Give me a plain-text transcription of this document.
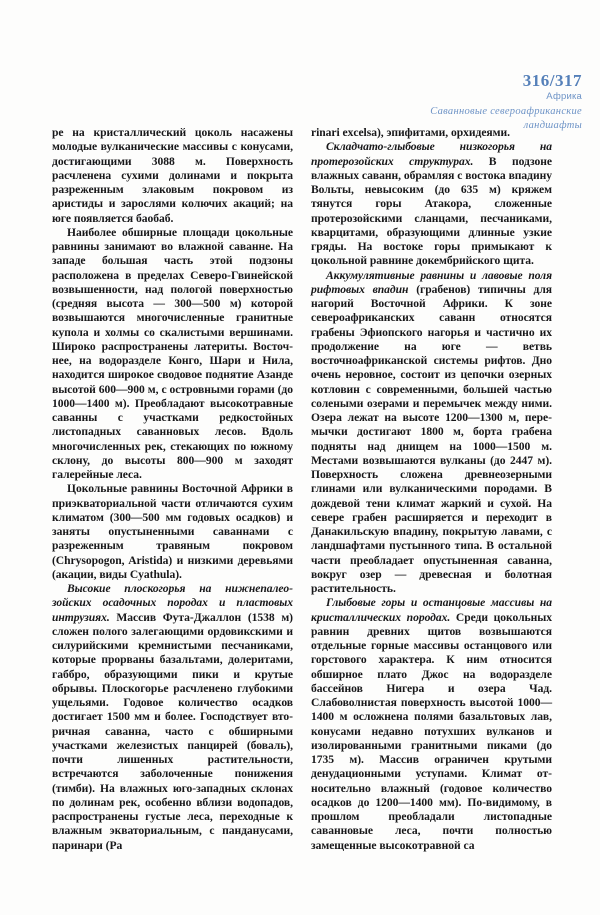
316/317
Африка
Саванновые североафриканские
ландшафты

ре на кристаллический цоколь насажены молодые вулканические массивы с конусами, достигающими 3088 м. Поверхность расчленена сухими долинами и покрыта разреженным злаковым покровом из аристиды и зарослями колючих акаций; на юге появляется баобаб.

Наиболее обширные площади цокольные равнины занимают во влажной саванне. На западе большая часть этой подзоны расположена в пределах Северо-Гвинейской возвышенности, над пологой поверхностью (средняя высота — 300—500 м) которой возвышаются многочисленные гранитные купола и холмы со скалистыми вершинами. Широко распространены латериты. Восточнее, на водоразделе Конго, Шари и Нила, находится широкое сводовое поднятие Азанде высотой 600—900 м, с островными горами (до 1000—1400 м). Преобладают высокотравные саванны с участками редкостойных листопадных саванновых лесов. Вдоль многочисленных рек, стекающих по южному склону, до высоты 800—900 м заходят галерейные леса.

Цокольные равнины Восточной Африки в приэкваториальной части отличаются сухим климатом (300—500 мм годовых осадков) и заняты опустыненными саваннами с разреженным травяным покровом (Chrysopogon, Aristida) и низкими деревьями (акации, виды Cyathula).

Высокие плоскогорья на нижнепалеозойских осадочных породах и пластовых интрузиях. Массив Фута-Джаллон (1538 м) сложен полого залегающими ордовикскими и силурийскими кремнистыми песчаниками, которые прорваны базальтами, долеритами, габбро, образующими пики и крутые обрывы. Плоскогорье расчленено глубокими ущельями. Годовое количество осадков достигает 1500 мм и более. Господствует вторичная саванна, часто с обширными участками железистых панцирей (боваль), почти лишенных растительности, встречаются заболоченные понижения (тимби). На влажных юго-западных склонах по долинам рек, особенно вблизи водопадов, распространены густые леса, переходные к влажным экваториальным, с панданусами, паринари (Ра

rinari excelsa), эпифитами, орхидеями.

Складчато-глыбовые низкогорья на протерозойских структурах. В подзоне влажных саванн, обрамляя с востока впадину Вольты, невысоким (до 635 м) кряжем тянутся горы Атакора, сложенные протерозойскими сланцами, песчаниками, кварцитами, образующими длинные узкие гряды. На востоке горы примыкают к цокольной равнине докембрийского щита.

Аккумулятивные равнины и лавовые поля рифтовых впадин (грабенов) типичны для нагорий Восточной Африки. К зоне североафриканских саванн относятся грабены Эфиопского нагорья и частично их продолжение на юге — ветвь восточноафриканской системы рифтов. Дно очень неровное, состоит из цепочки озерных котловин с современными, большей частью солеными озерами и перемычек между ними. Озера лежат на высоте 1200—1300 м, перемычки достигают 1800 м, борта грабена подняты над днищем на 1000—1500 м. Местами возвышаются вулканы (до 2447 м). Поверхность сложена древнеозерными глинами или вулканическими породами. В дождевой тени климат жаркий и сухой. На севере грабен расширяется и переходит в Данакильскую впадину, покрытую лавами, с ландшафтами пустынного типа. В остальной части преобладает опустыненная саванна, вокруг озер — древесная и болотная растительность.

Глыбовые горы и останцовые массивы на кристаллических породах. Среди цокольных равнин древних щитов возвышаются отдельные горные массивы останцового или горстового характера. К ним относится обширное плато Джос на водоразделе бассейнов Нигера и озера Чад. Слабоволнистая поверхность высотой 1000—1400 м осложнена полями базальтовых лав, конусами недавно потухших вулканов и изолированными гранитными пиками (до 1735 м). Массив ограничен крутыми денудационными уступами. Климат относительно влажный (годовое количество осадков до 1200—1400 мм). По-видимому, в прошлом преобладали листопадные саванновые леса, почти полностью замещенные высокотравной са
